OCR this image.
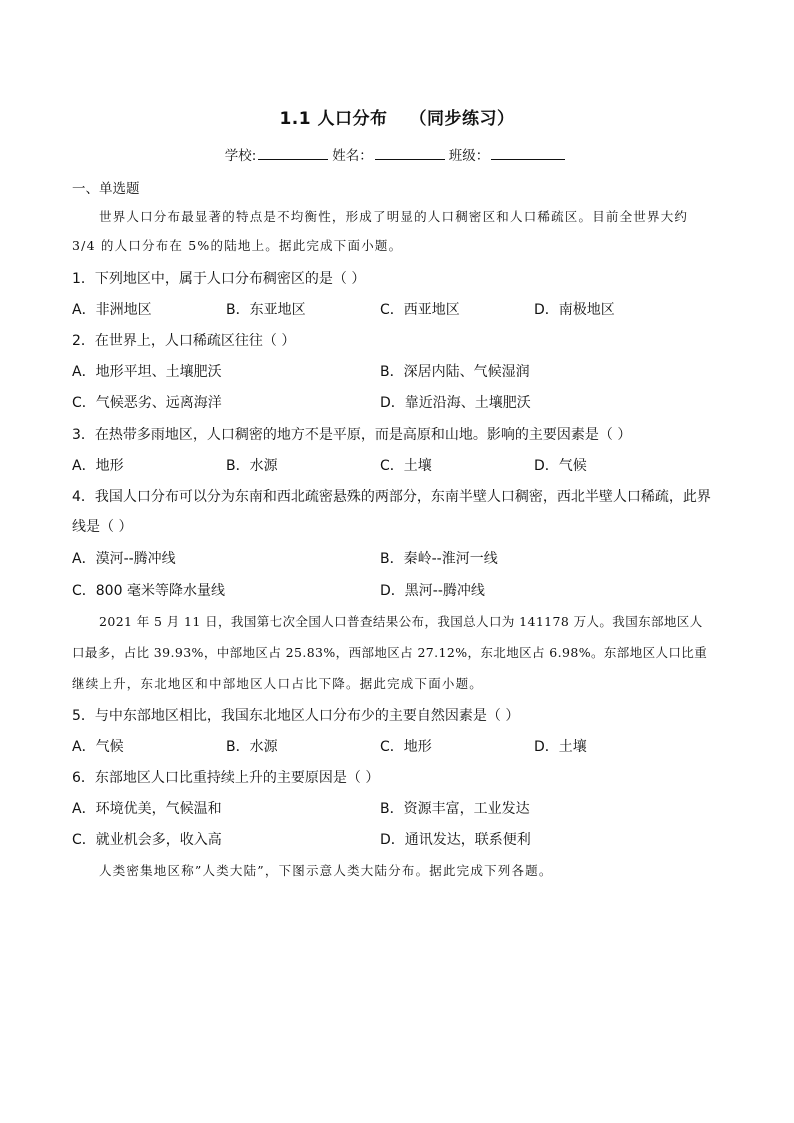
1.1 人口分布 （同步练习）
学校:	姓名：	班级：
一、单选题
世界人口分布最显著的特点是不均衡性，形成了明显的人口稠密区和人口稀疏区。目前全世界大约
3/4 的人口分布在 5%的陆地上。据此完成下面小题。
1．下列地区中，属于人口分布稠密区的是（ ）
A．非洲地区	B．东亚地区	C．西亚地区	D．南极地区
2．在世界上，人口稀疏区往往（ ）
A．地形平坦、土壤肥沃	B．深居内陆、气候湿润
C．气候恶劣、远离海洋	D．靠近沿海、土壤肥沃
3．在热带多雨地区，人口稠密的地方不是平原，而是高原和山地。影响的主要因素是（ ）
A．地形	B．水源	C．土壤	D．气候
4．我国人口分布可以分为东南和西北疏密悬殊的两部分，东南半壁人口稠密，西北半壁人口稀疏，此界
线是（ ）
A．漠河--腾冲线	B．秦岭--淮河一线
C．800 毫米等降水量线	D．黑河--腾冲线
2021 年 5 月 11 日，我国第七次全国人口普查结果公布，我国总人口为 141178 万人。我国东部地区人
口最多，占比 39.93%，中部地区占 25.83%，西部地区占 27.12%，东北地区占 6.98%。东部地区人口比重
继续上升，东北地区和中部地区人口占比下降。据此完成下面小题。
5．与中东部地区相比，我国东北地区人口分布少的主要自然因素是（ ）
A．气候	B．水源	C．地形	D．土壤
6．东部地区人口比重持续上升的主要原因是（ ）
A．环境优美，气候温和	B．资源丰富，工业发达
C．就业机会多，收入高	D．通讯发达，联系便利
人类密集地区称”人类大陆”，下图示意人类大陆分布。据此完成下列各题。
